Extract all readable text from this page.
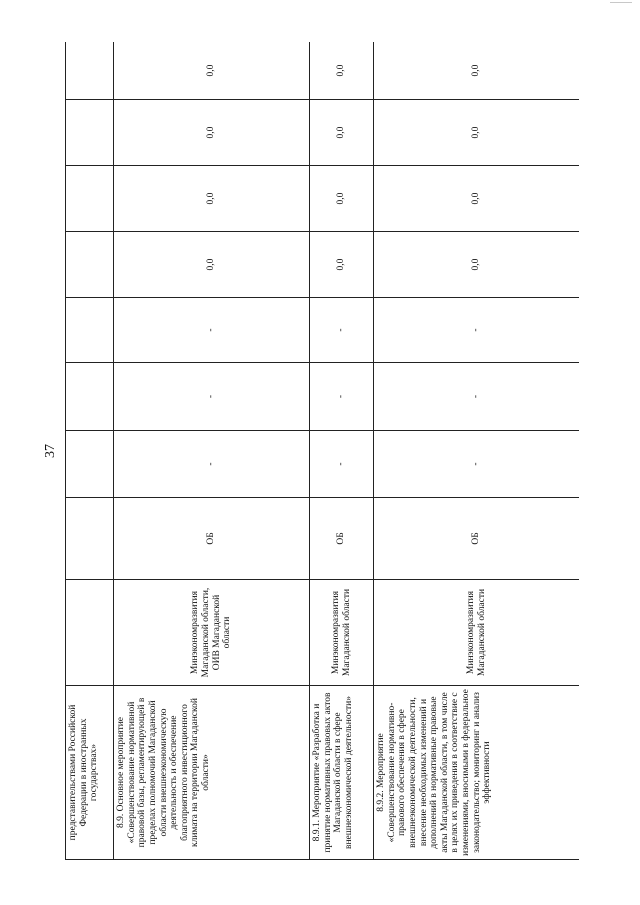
37
представительствами Российской Федерации в иностранных государствах»									
8.9. Основное мероприятие «Совершенствование нормативной правовой базы, регламентирующей в пределах полномочий Магаданской области внешнеэкономическую деятельность и обеспечение благоприятного инвестиционного климата на территории Магаданской области»	Минэкономразвития Магаданской области, ОИВ Магаданской области	ОБ	-	-	-	0,0	0,0	0,0	0,0
8.9.1. Мероприятие «Разработка и принятие нормативных правовых актов Магаданской области в сфере внешнеэкономической деятельности»	Минэкономразвития Магаданской области	ОБ	-	-	-	0,0	0,0	0,0	0,0
8.9.2. Мероприятие «Совершенствование нормативно-правового обеспечения в сфере внешнеэкономической деятельности, внесение необходимых изменений и дополнений в нормативные правовые акты Магаданской области, в том числе в целях их приведения в соответствие с изменениями, вносимыми в федеральное законодательство; мониторинг и анализ эффективности	Минэкономразвития Магаданской области	ОБ	-	-	-	0,0	0,0	0,0	0,0
